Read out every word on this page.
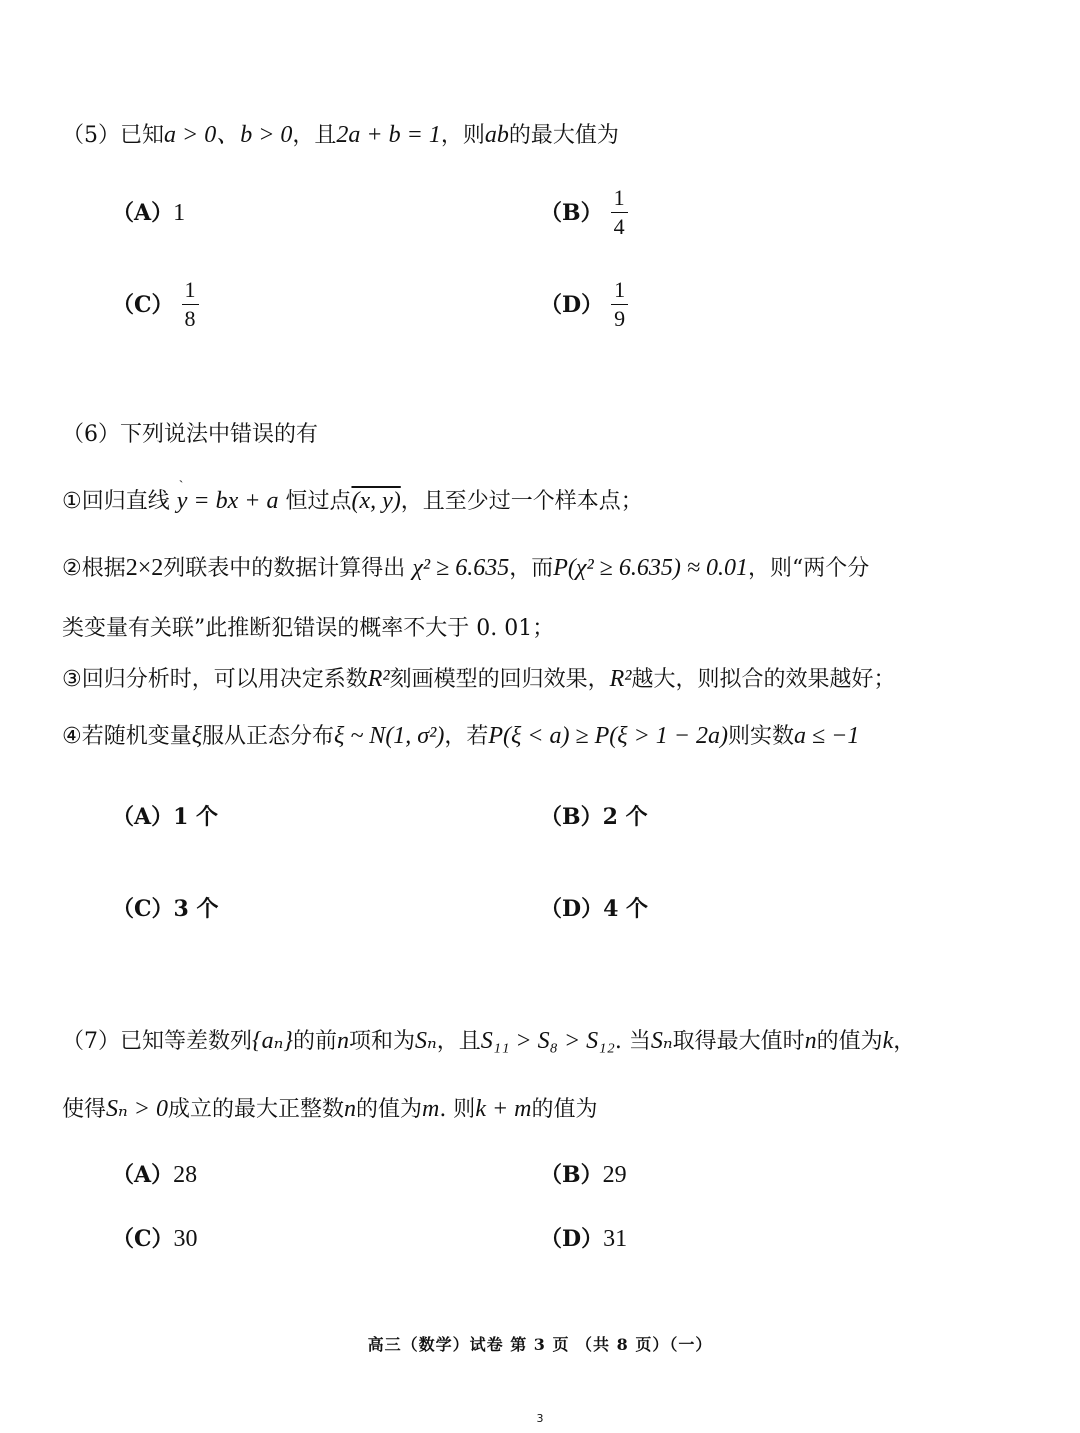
（5）已知a > 0、b > 0，且2a + b = 1，则ab的最大值为
（A）1	$(B) \frac{1}{4}$
$(C) \frac{1}{8}$	$(D) \frac{1}{9}$
（6）下列说法中错误的有
①回归直线 ˋ y = bx + a 恒过点(x, y)，且至少过一个样本点；
②根据2×2列联表中的数据计算得出 χ² ≥ 6.635，而P(χ² ≥ 6.635) ≈ 0.01，则“两个分
类变量有关联”此推断犯错误的概率不大于 0. 01；
③回归分析时，可以用决定系数R²刻画模型的回归效果，R²越大，则拟合的效果越好；
④若随机变量ξ服从正态分布ξ ~ N(1, σ²)，若P(ξ < a) ≥ P(ξ > 1 − 2a)则实数a ≤ −1
（A）1 个	（B）2 个
（C）3 个	（D）4 个
（7）已知等差数列{aₙ}的前n项和为Sₙ，且S₁₁ > S₈ > S₁₂. 当Sₙ取得最大值时n的值为k，
使得Sₙ > 0成立的最大正整数n的值为m. 则k + m的值为
（A）28	（B）29
（C）30	（D）31
高三（数学）试卷 第 3 页 （共 8 页）（一）
3
